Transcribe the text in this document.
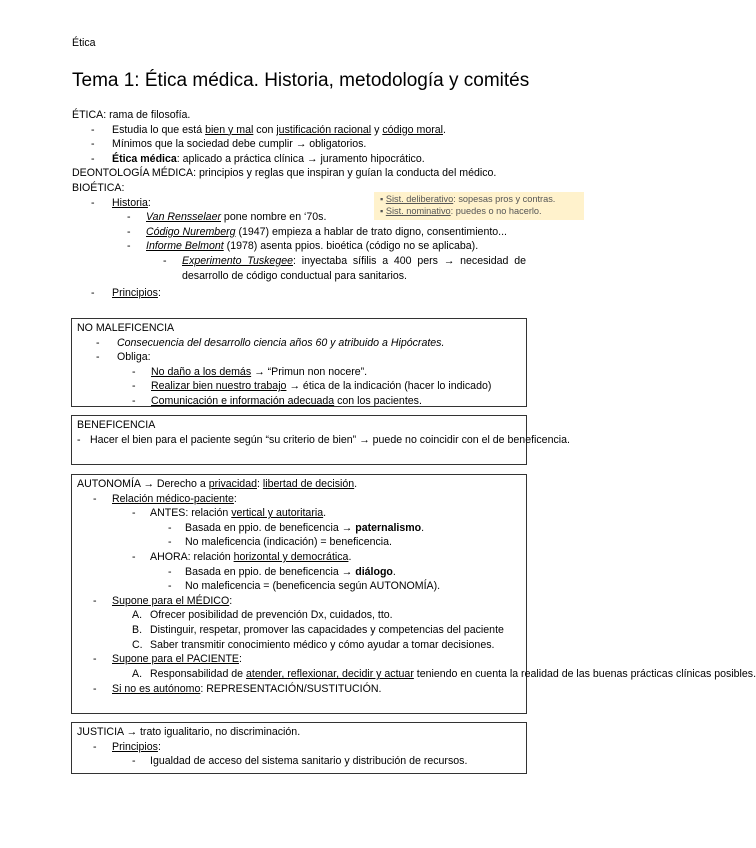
Ética
Tema 1: Ética médica. Historia, metodología y comités
ÉTICA: rama de filosofía.
- Estudia lo que está bien y mal con justificación racional y código moral.
- Mínimos que la sociedad debe cumplir → obligatorios.
- Ética médica: aplicado a práctica clínica → juramento hipocrático.
DEONTOLOGÍA MÉDICA: principios y reglas que inspiran y guían la conducta del médico.
BIOÉTICA:
- Historia:
- Van Rensselaer pone nombre en ‘70s.
- Código Nuremberg (1947) empieza a hablar de trato digno, consentimiento...
- Informe Belmont (1978) asenta ppios. bioética (código no se aplicaba).
- Experimento Tuskegee: inyectaba sífilis a 400 pers → necesidad de desarrollo de código conductual para sanitarios.
- Principios:
▪ Sist. deliberativo: sopesas pros y contras.
▪ Sist. nominativo: puedes o no hacerlo.
NO MALEFICENCIA
- Consecuencia del desarrollo ciencia años 60 y atribuido a Hipócrates.
- Obliga:
- No daño a los demás → “Primun non nocere”.
- Realizar bien nuestro trabajo → ética de la indicación (hacer lo indicado)
- Comunicación e información adecuada con los pacientes.
BENEFICENCIA
- Hacer el bien para el paciente según “su criterio de bien” → puede no coincidir con el de beneficencia.
AUTONOMÍA → Derecho a privacidad: libertad de decisión.
- Relación médico-paciente:
- ANTES: relación vertical y autoritaria.
- Basada en ppio. de beneficencia → paternalismo.
- No maleficencia (indicación) = beneficencia.
- AHORA: relación horizontal y democrática.
- Basada en ppio. de beneficencia → diálogo.
- No maleficencia = (beneficencia según AUTONOMÍA).
- Supone para el MÉDICO:
A. Ofrecer posibilidad de prevención Dx, cuidados, tto.
B. Distinguir, respetar, promover las capacidades y competencias del paciente
C. Saber transmitir conocimiento médico y cómo ayudar a tomar decisiones.
- Supone para el PACIENTE:
A. Responsabilidad de atender, reflexionar, decidir y actuar teniendo en cuenta la realidad de las buenas prácticas clínicas posibles.
- Si no es autónomo: REPRESENTACIÓN/SUSTITUCIÓN.
JUSTICIA → trato igualitario, no discriminación.
- Principios:
- Igualdad de acceso del sistema sanitario y distribución de recursos.
